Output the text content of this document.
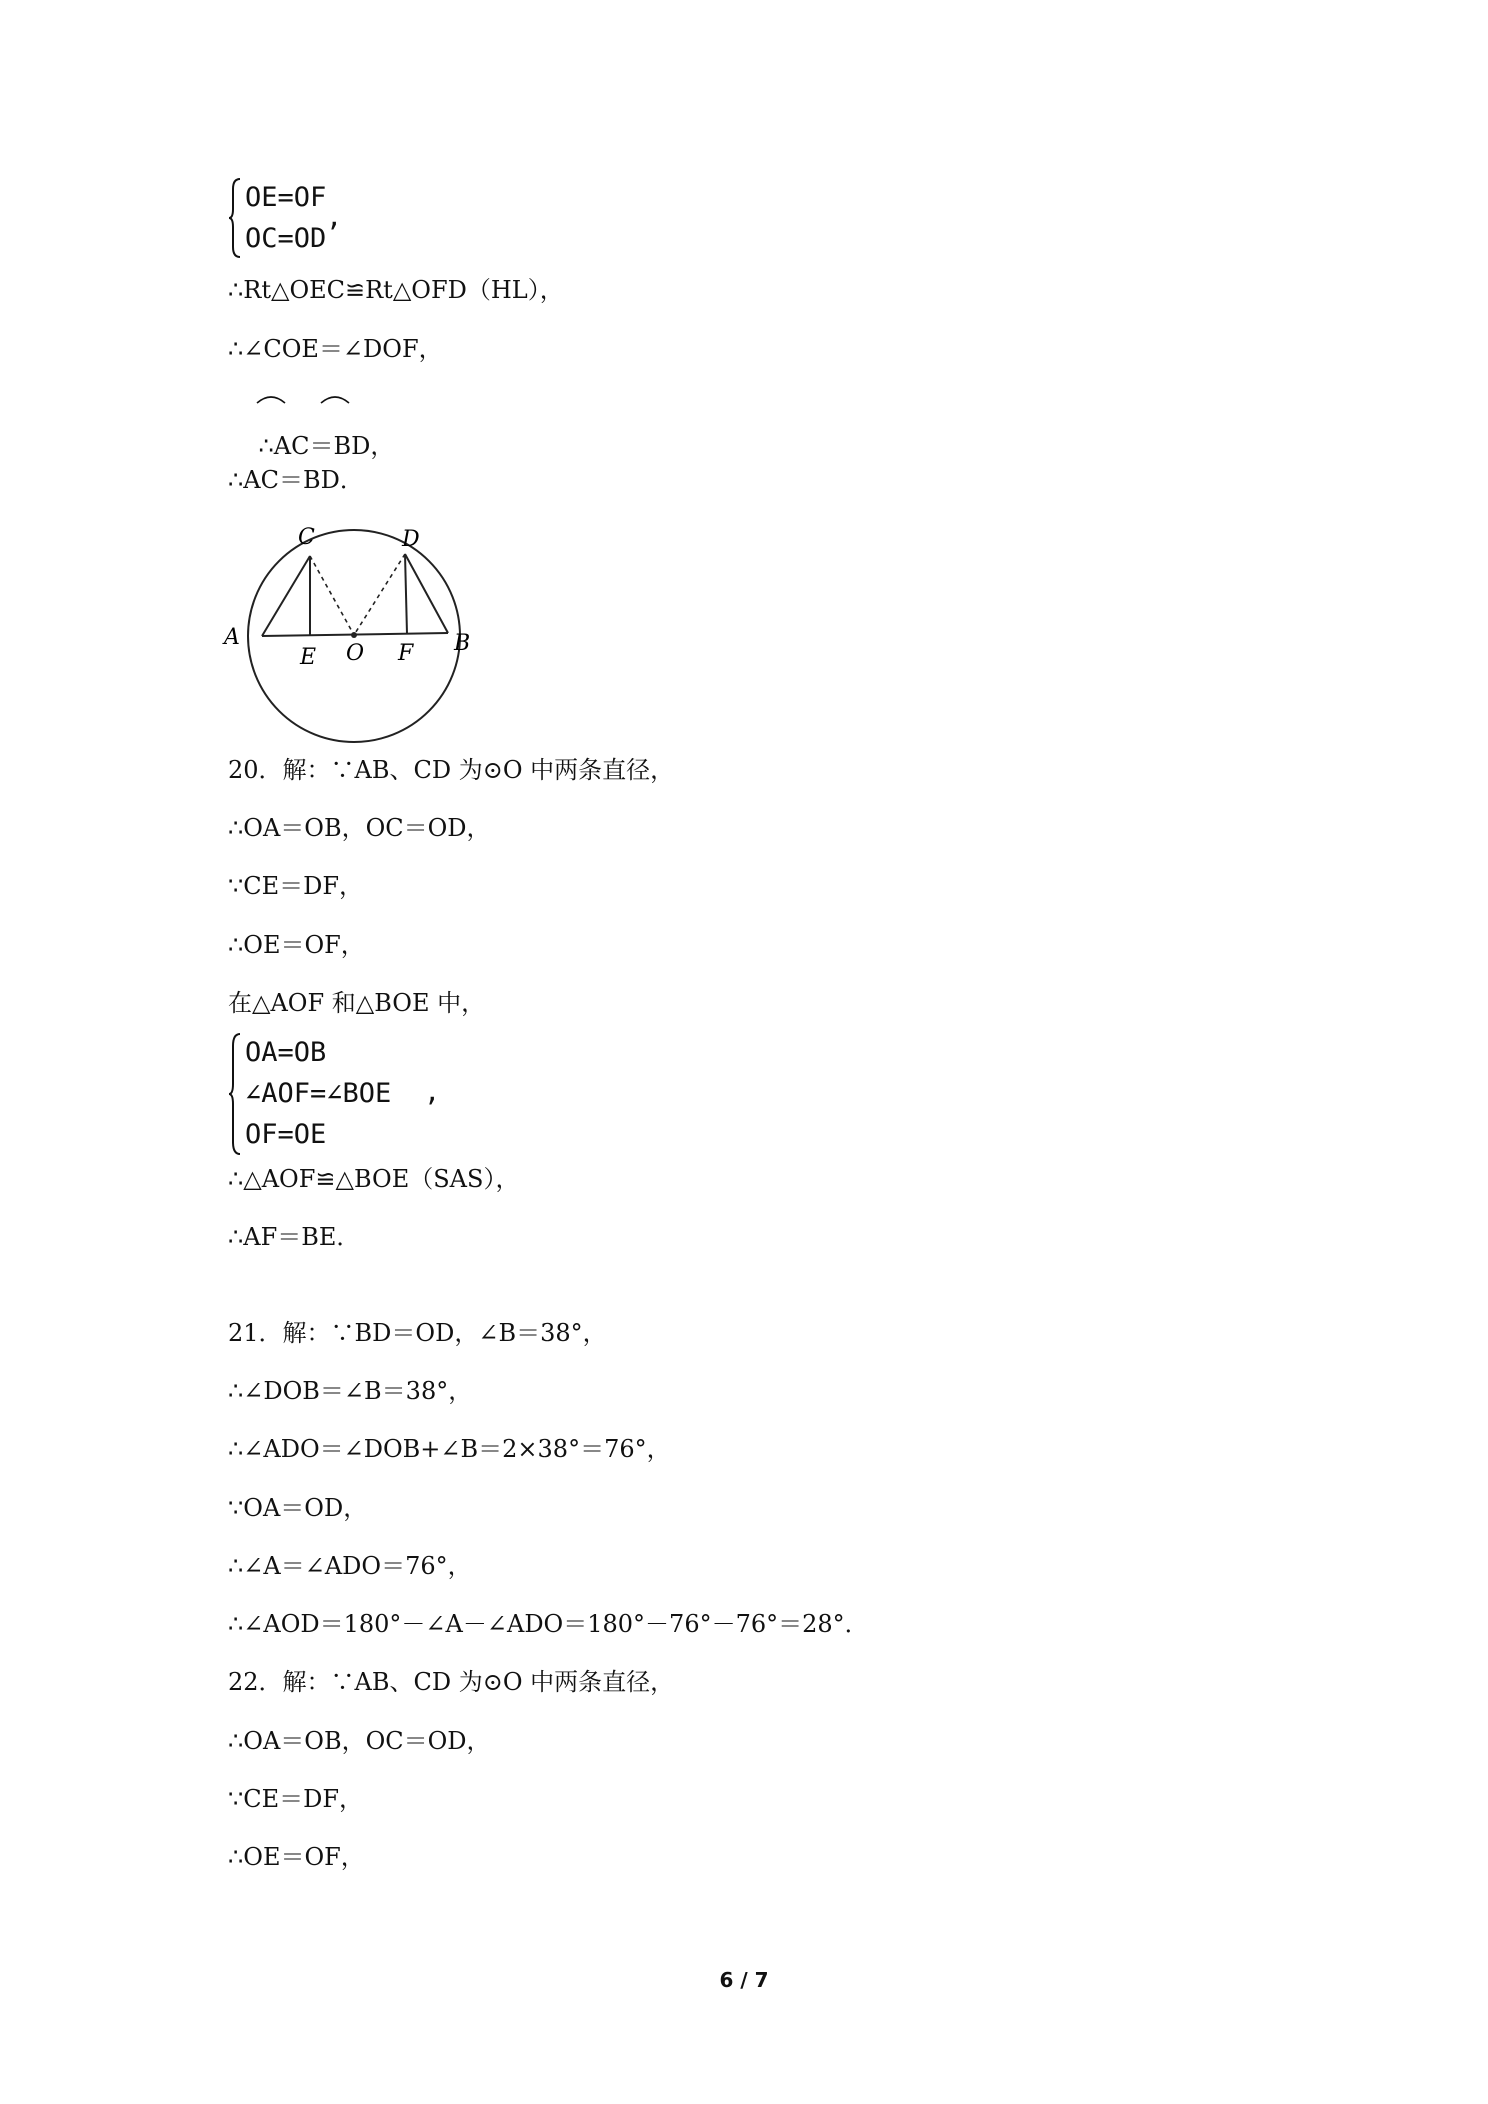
OE=OF
OC=OD
,
∴Rt△OEC≌Rt△OFD（HL），
∴∠COE＝∠DOF，

∴AC＝BD，

∴AC＝BD．
C	D
A	B
E O F
20．解：∵AB、CD 为⊙O 中两条直径，
∴OA＝OB，OC＝OD，
∵CE＝DF，
∴OE＝OF，
在△AOF 和△BOE 中，
OA=OB
∠AOF=∠BOE
OF=OE
,
∴△AOF≌△BOE（SAS），
∴AF＝BE．
21．解：∵BD＝OD，∠B＝38°，
∴∠DOB＝∠B＝38°，
∴∠ADO＝∠DOB+∠B＝2×38°＝76°，
∵OA＝OD，
∴∠A＝∠ADO＝76°，
∴∠AOD＝180°－∠A－∠ADO＝180°－76°－76°＝28°．
22．解：∵AB、CD 为⊙O 中两条直径，
∴OA＝OB，OC＝OD，
∵CE＝DF，
∴OE＝OF，
6 / 7
